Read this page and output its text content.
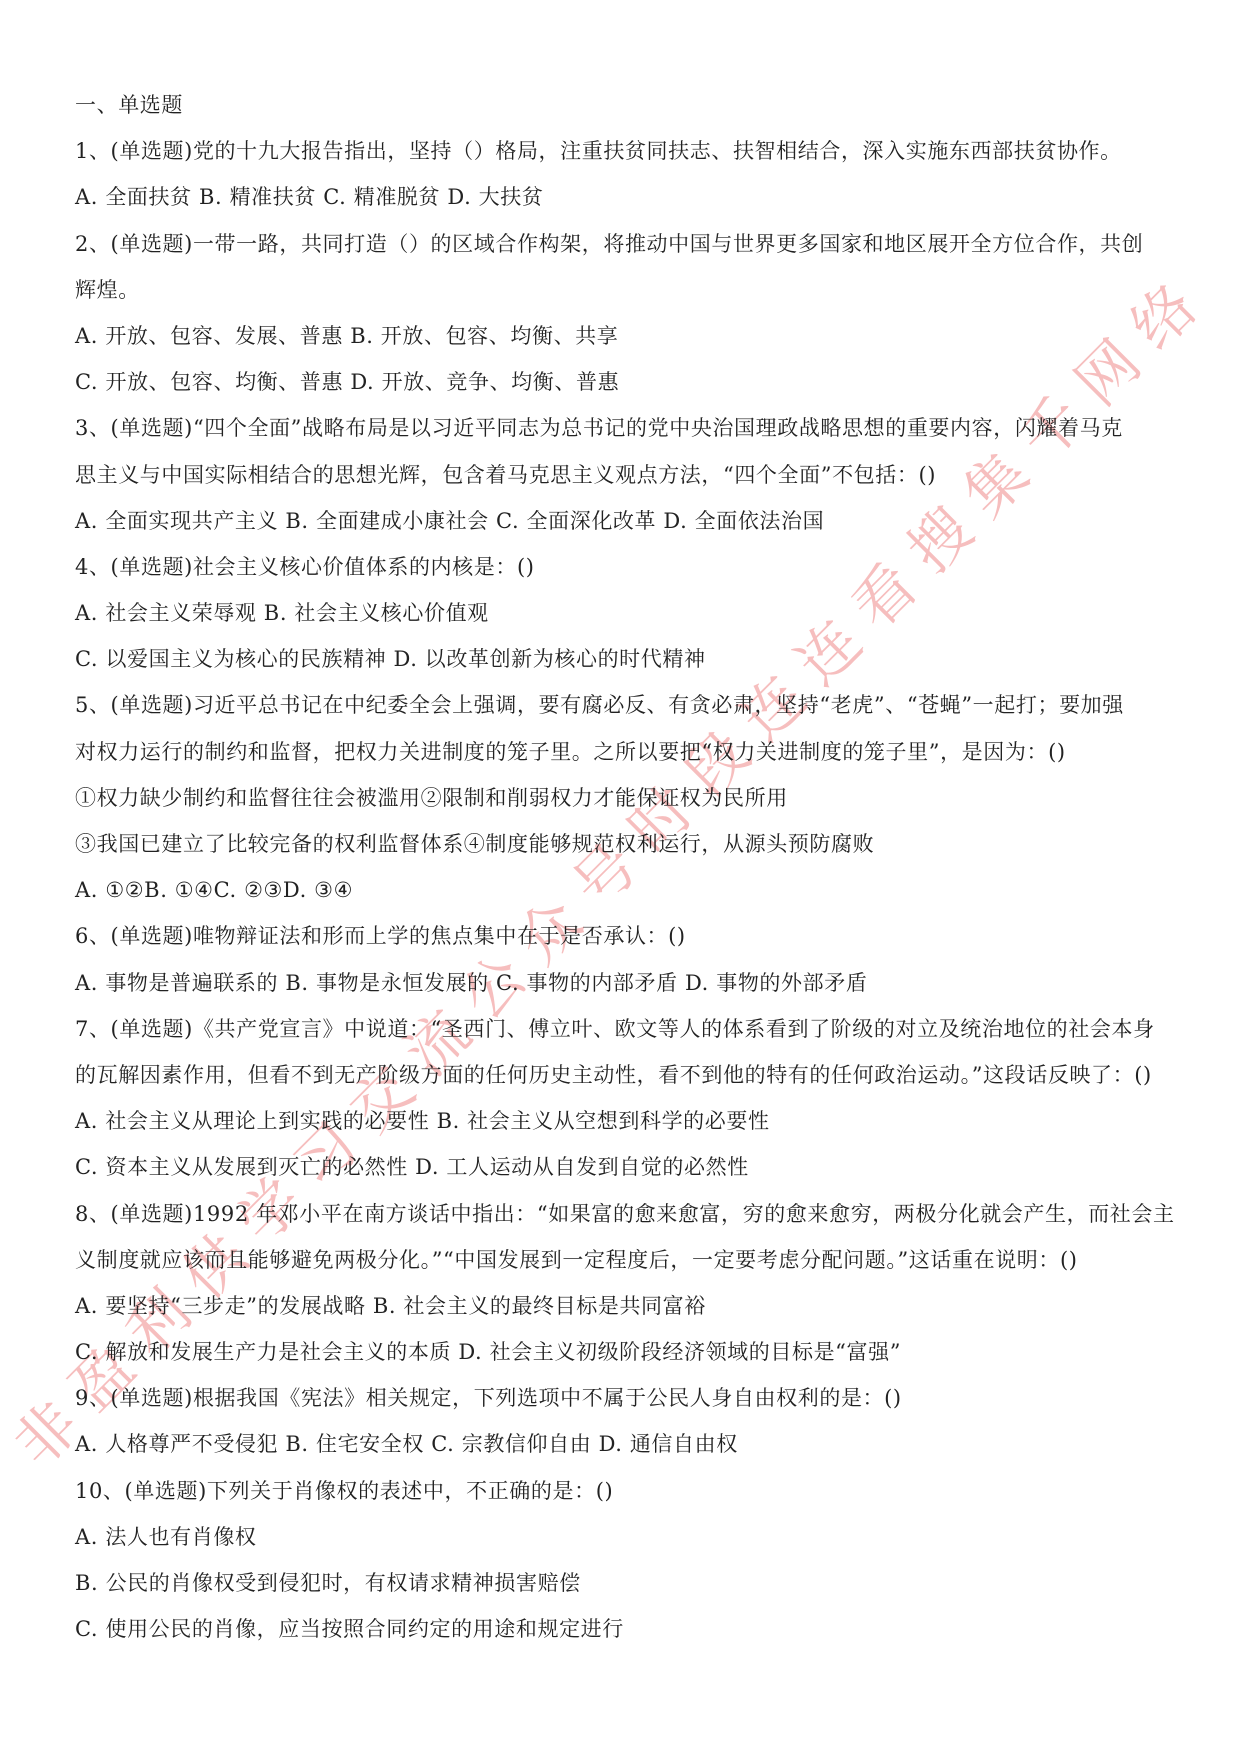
非盈利供学习交流公众号时段连连看搜集千网络
一、单选题
1、(单选题)党的十九大报告指出，坚持（）格局，注重扶贫同扶志、扶智相结合，深入实施东西部扶贫协作。
A. 全面扶贫 B. 精准扶贫 C. 精准脱贫 D. 大扶贫
2、(单选题)一带一路，共同打造（）的区域合作构架，将推动中国与世界更多国家和地区展开全方位合作，共创
辉煌。
A. 开放、包容、发展、普惠 B. 开放、包容、均衡、共享
C. 开放、包容、均衡、普惠 D. 开放、竞争、均衡、普惠
3、(单选题)“四个全面”战略布局是以习近平同志为总书记的党中央治国理政战略思想的重要内容，闪耀着马克
思主义与中国实际相结合的思想光辉，包含着马克思主义观点方法，“四个全面”不包括：()
A. 全面实现共产主义 B. 全面建成小康社会 C. 全面深化改革 D. 全面依法治国
4、(单选题)社会主义核心价值体系的内核是：()
A. 社会主义荣辱观 B. 社会主义核心价值观
C. 以爱国主义为核心的民族精神 D. 以改革创新为核心的时代精神
5、(单选题)习近平总书记在中纪委全会上强调，要有腐必反、有贪必肃，坚持“老虎”、“苍蝇”一起打；要加强
对权力运行的制约和监督，把权力关进制度的笼子里。之所以要把“权力关进制度的笼子里”，是因为：()
①权力缺少制约和监督往往会被滥用②限制和削弱权力才能保证权为民所用
③我国已建立了比较完备的权利监督体系④制度能够规范权利运行，从源头预防腐败
A. ①②B. ①④C. ②③D. ③④
6、(单选题)唯物辩证法和形而上学的焦点集中在于是否承认：()
A. 事物是普遍联系的 B. 事物是永恒发展的 C. 事物的内部矛盾 D. 事物的外部矛盾
7、(单选题)《共产党宣言》中说道：“圣西门、傅立叶、欧文等人的体系看到了阶级的对立及统治地位的社会本身
的瓦解因素作用，但看不到无产阶级方面的任何历史主动性，看不到他的特有的任何政治运动。”这段话反映了：()
A. 社会主义从理论上到实践的必要性 B. 社会主义从空想到科学的必要性
C. 资本主义从发展到灭亡的必然性 D. 工人运动从自发到自觉的必然性
8、(单选题)1992 年邓小平在南方谈话中指出：“如果富的愈来愈富，穷的愈来愈穷，两极分化就会产生，而社会主
义制度就应该而且能够避免两极分化。”“中国发展到一定程度后，一定要考虑分配问题。”这话重在说明：()
A. 要坚持“三步走”的发展战略 B. 社会主义的最终目标是共同富裕
C. 解放和发展生产力是社会主义的本质 D. 社会主义初级阶段经济领域的目标是“富强”
9、(单选题)根据我国《宪法》相关规定，下列选项中不属于公民人身自由权利的是：()
A. 人格尊严不受侵犯 B. 住宅安全权 C. 宗教信仰自由 D. 通信自由权
10、(单选题)下列关于肖像权的表述中，不正确的是：()
A. 法人也有肖像权
B. 公民的肖像权受到侵犯时，有权请求精神损害赔偿
C. 使用公民的肖像，应当按照合同约定的用途和规定进行
